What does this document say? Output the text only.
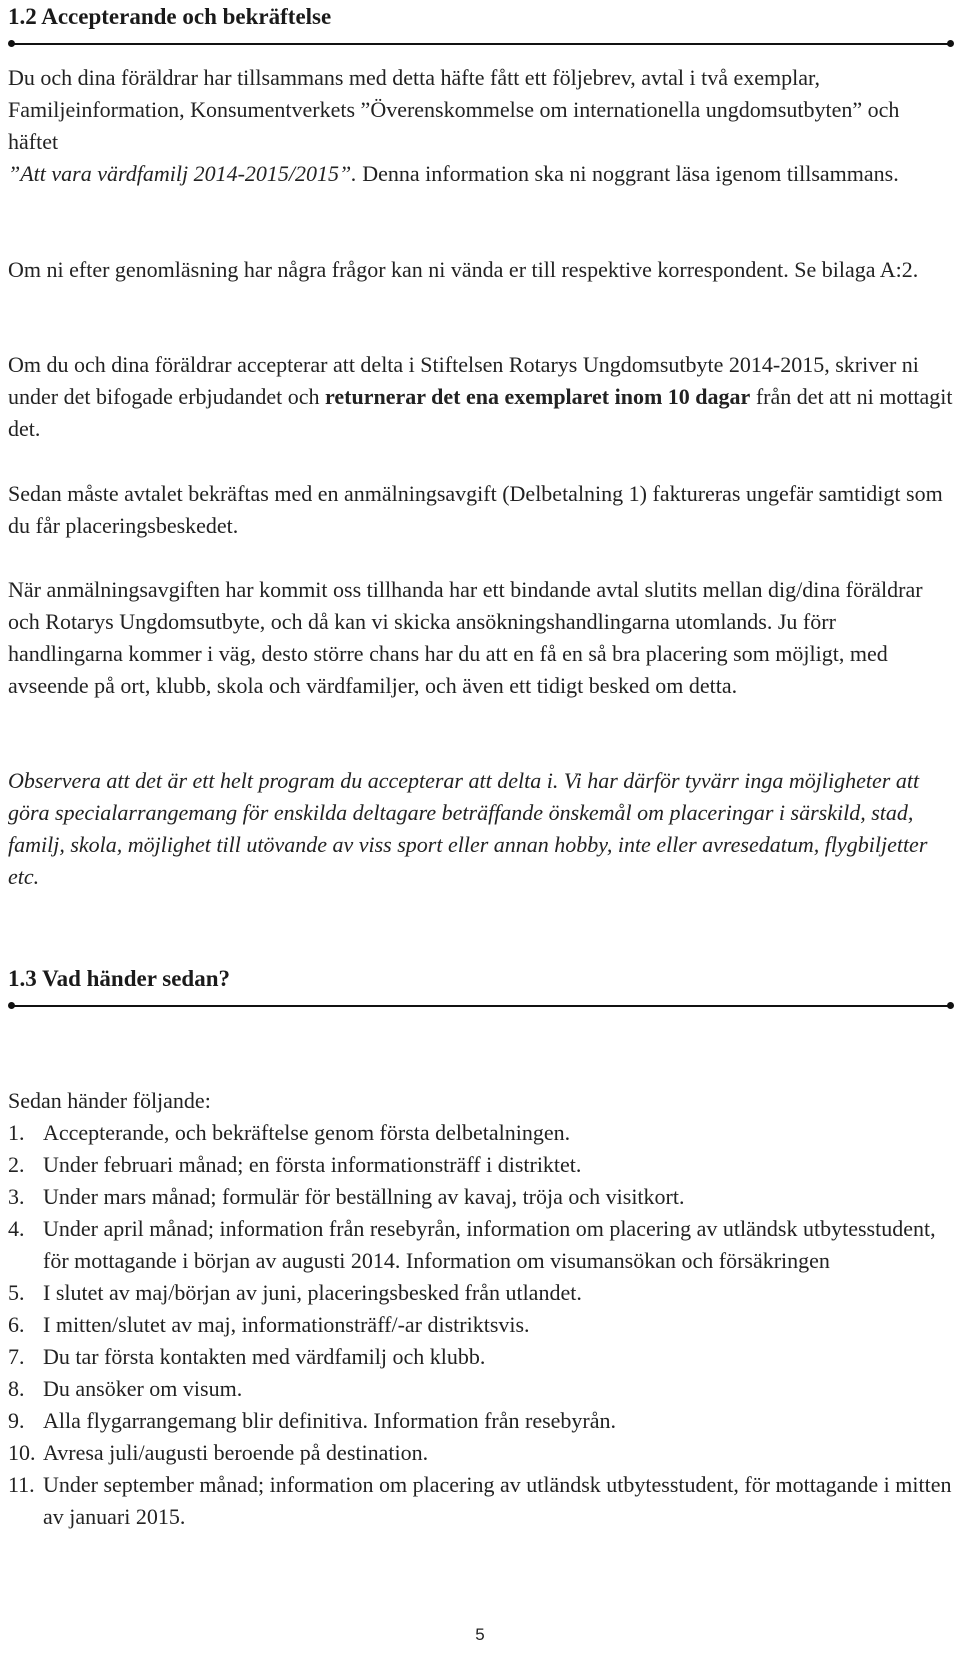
1.2 Accepterande och bekräftelse

Du och dina föräldrar har tillsammans med detta häfte fått ett följebrev, avtal i två exemplar, Familjeinformation, Konsumentverkets ”Överenskommelse om internationella ungdomsutbyten” och häftet
”Att vara värdfamilj 2014-2015/2015”. Denna information ska ni noggrant läsa igenom tillsammans.

Om ni efter genomläsning har några frågor kan ni vända er till respektive korrespondent. Se bilaga A:2.

Om du och dina föräldrar accepterar att delta i Stiftelsen Rotarys Ungdomsutbyte 2014-2015, skriver ni under det bifogade erbjudandet och returnerar det ena exemplaret inom 10 dagar från det att ni mottagit det.

Sedan måste avtalet bekräftas med en anmälningsavgift (Delbetalning 1) faktureras ungefär samtidigt som du får placeringsbeskedet.

När anmälningsavgiften har kommit oss tillhanda har ett bindande avtal slutits mellan dig/dina föräldrar och Rotarys Ungdomsutbyte, och då kan vi skicka ansökningshandlingarna utomlands. Ju förr handlingarna kommer i väg, desto större chans har du att en få en så bra placering som möjligt, med avseende på ort, klubb, skola och värdfamiljer, och även ett tidigt besked om detta.

Observera att det är ett helt program du accepterar att delta i. Vi har därför tyvärr inga möjligheter att göra specialarrangemang för enskilda deltagare beträffande önskemål om placeringar i särskild, stad, familj, skola, möjlighet till utövande av viss sport eller annan hobby, inte eller avresedatum, flygbiljetter etc.

1.3 Vad händer sedan?

Sedan händer följande:

1. Accepterande, och bekräftelse genom första delbetalningen.
2. Under februari månad; en första informationsträff i distriktet.
3. Under mars månad; formulär för beställning av kavaj, tröja och visitkort.
4. Under april månad; information från resebyrån, information om placering av utländsk utbytesstudent, för mottagande i början av augusti 2014. Information om visumansökan och försäkringen
5. I slutet av maj/början av juni, placeringsbesked från utlandet.
6. I mitten/slutet av maj, informationsträff/-ar distriktsvis.
7. Du tar första kontakten med värdfamilj och klubb.
8. Du ansöker om visum.
9. Alla flygarrangemang blir definitiva. Information från resebyrån.
10. Avresa juli/augusti beroende på destination.
11. Under september månad; information om placering av utländsk utbytesstudent, för mottagande i mitten av januari 2015.
5
